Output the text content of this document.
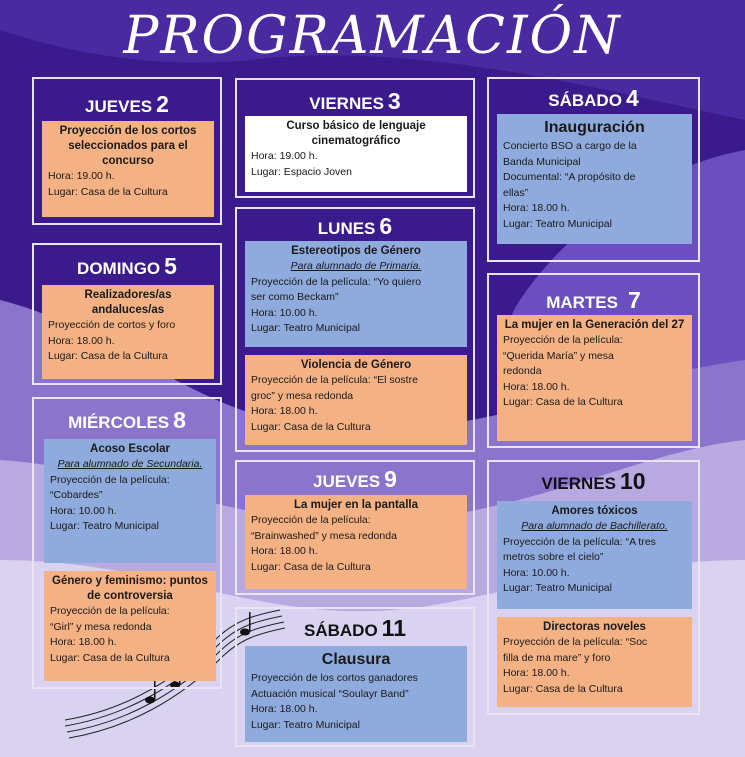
PROGRAMACIÓN
JUEVES 2
Proyección de los cortos seleccionados para el concurso
Hora: 19.00 h.
Lugar: Casa de la Cultura
VIERNES 3
Curso básico de lenguaje cinematográfico
Hora: 19.00 h.
Lugar: Espacio Joven
SÁBADO 4
Inauguración
Concierto BSO a cargo de la
Banda Municipal
Documental: “A propósito de
ellas”
Hora: 18.00 h.
Lugar: Teatro Municipal
DOMINGO 5
Realizadores/as andaluces/as
Proyección de cortos y foro
Hora: 18.00 h.
Lugar: Casa de la Cultura
LUNES 6
Estereotipos de Género
Para alumnado de Primaria.
Proyección de la película: “Yo quiero
ser como Beckam”
Hora: 10.00 h.
Lugar: Teatro Municipal
Violencia de Género
Proyección de la película: “El sostre
groc” y mesa redonda
Hora: 18.00 h.
Lugar: Casa de la Cultura
MARTES 7
La mujer en la Generación del 27
Proyección de la película:
“Querida María” y mesa
redonda
Hora: 18.00 h.
Lugar: Casa de la Cultura
MIÉRCOLES 8
Acoso Escolar
Para alumnado de Secundaria.
Proyección de la película:
“Cobardes”
Hora: 10.00 h.
Lugar: Teatro Municipal
Género y feminismo: puntos de controversia
Proyección de la película:
“Girl” y mesa redonda
Hora: 18.00 h.
Lugar: Casa de la Cultura
JUEVES 9
La mujer en la pantalla
Proyección de la película:
“Brainwashed” y mesa redonda
Hora: 18.00 h.
Lugar: Casa de la Cultura
VIERNES 10
Amores tóxicos
Para alumnado de Bachillerato.
Proyección de la película: “A tres
metros sobre el cielo”
Hora: 10.00 h.
Lugar: Teatro Municipal
Directoras noveles
Proyección de la película: “Soc
filla de ma mare” y foro
Hora: 18.00 h.
Lugar: Casa de la Cultura
SÁBADO 11
Clausura
Proyección de los cortos ganadores
Actuación musical “Soulayr Band”
Hora: 18.00 h.
Lugar: Teatro Municipal
